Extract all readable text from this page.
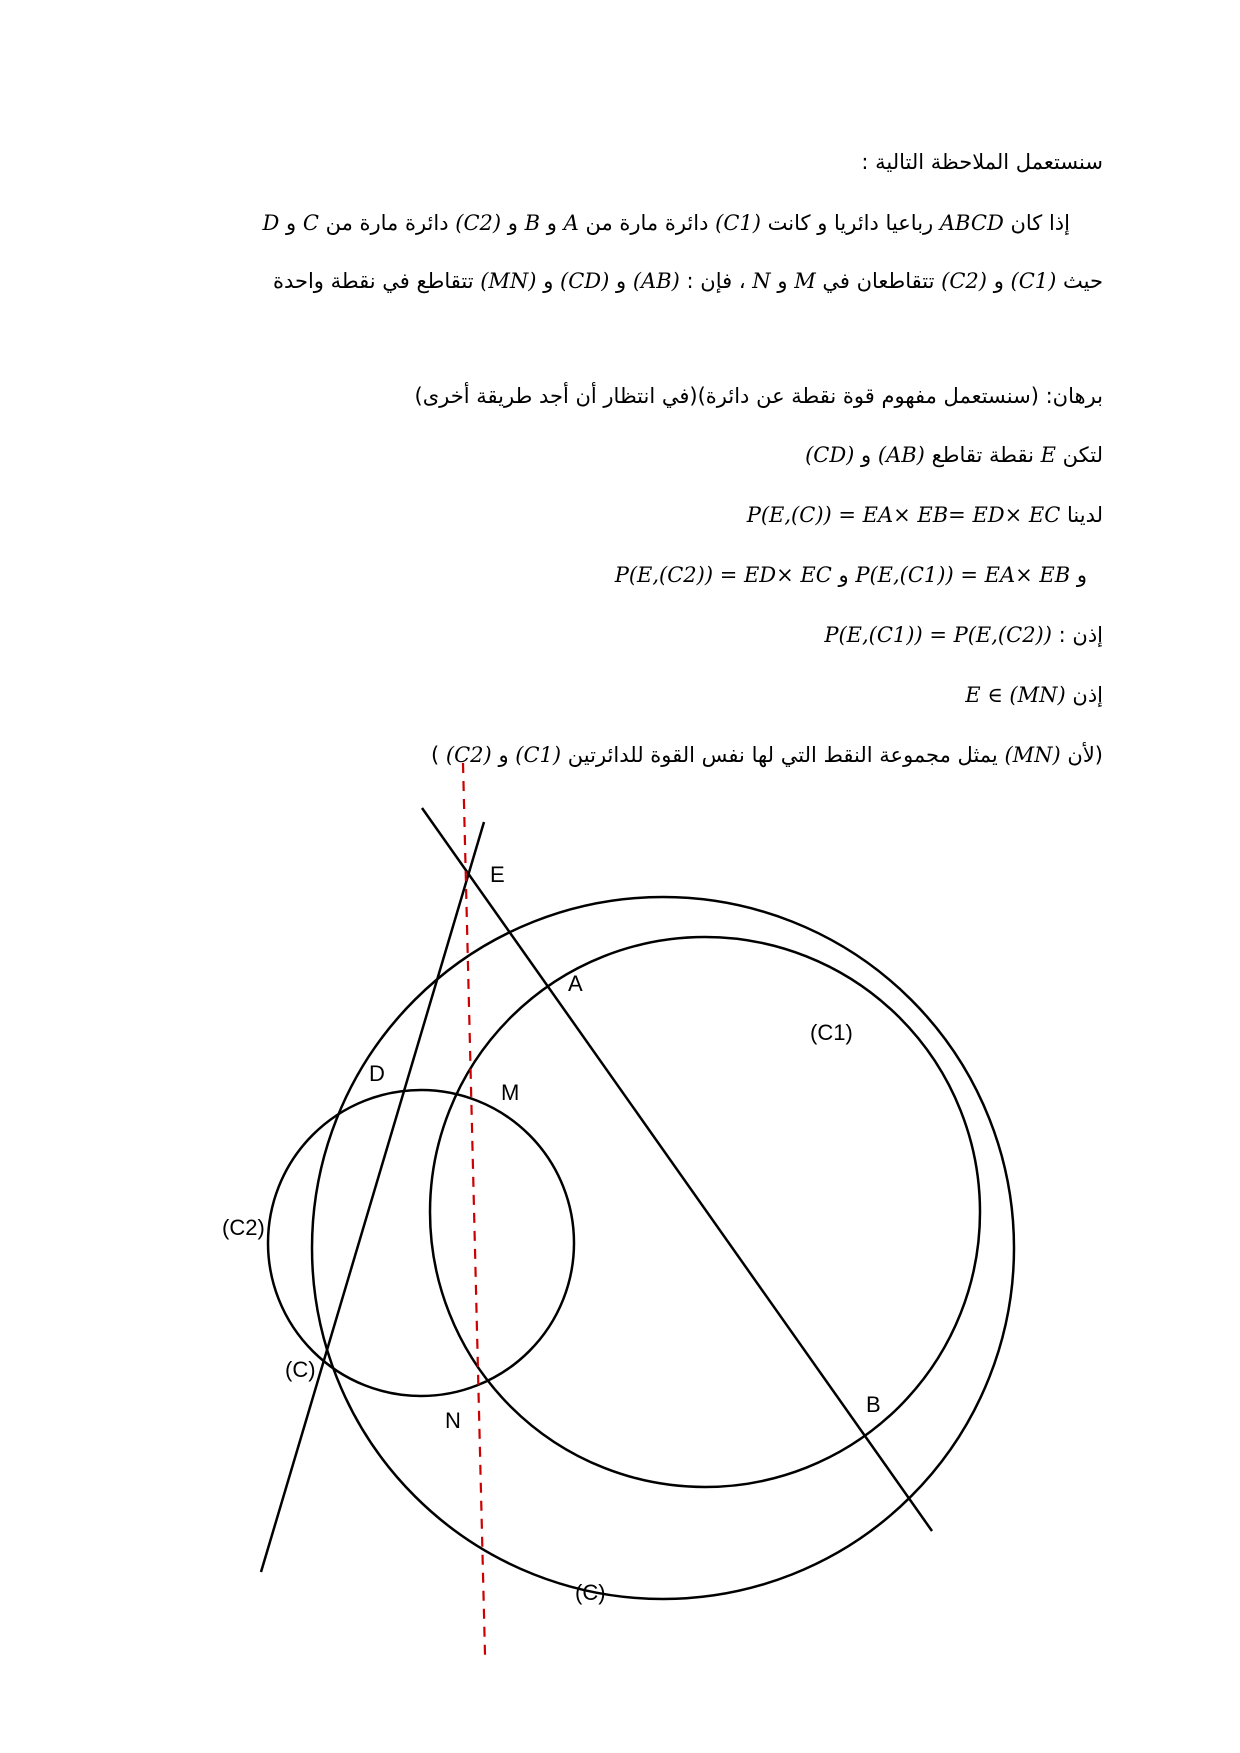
سنستعمل الملاحظة التالية :
إذا كان ABCD رباعيا دائريا و كانت (C1) دائرة مارة من A و B و (C2) دائرة مارة من C و D
حيث (C1) و (C2) تتقاطعان في M و N ، فإن : (AB) و (CD) و (MN) تتقاطع في نقطة واحدة
برهان: (سنستعمل مفهوم قوة نقطة عن دائرة)(في انتظار أن أجد طريقة أخرى)
لتكن E نقطة تقاطع (AB) و (CD)
لدينا P(E,(C)) = EA× EB= ED× EC
و P(E,(C1)) = EA× EB و P(E,(C2)) = ED× EC
إذن : P(E,(C1)) = P(E,(C2))
إذن E ∈ (MN)
(لأن (MN) يمثل مجموعة النقط التي لها نفس القوة للدائرتين (C1) و (C2) )
E
A
D
M
(C)
N
B
(C1)
(C2)
(C)
